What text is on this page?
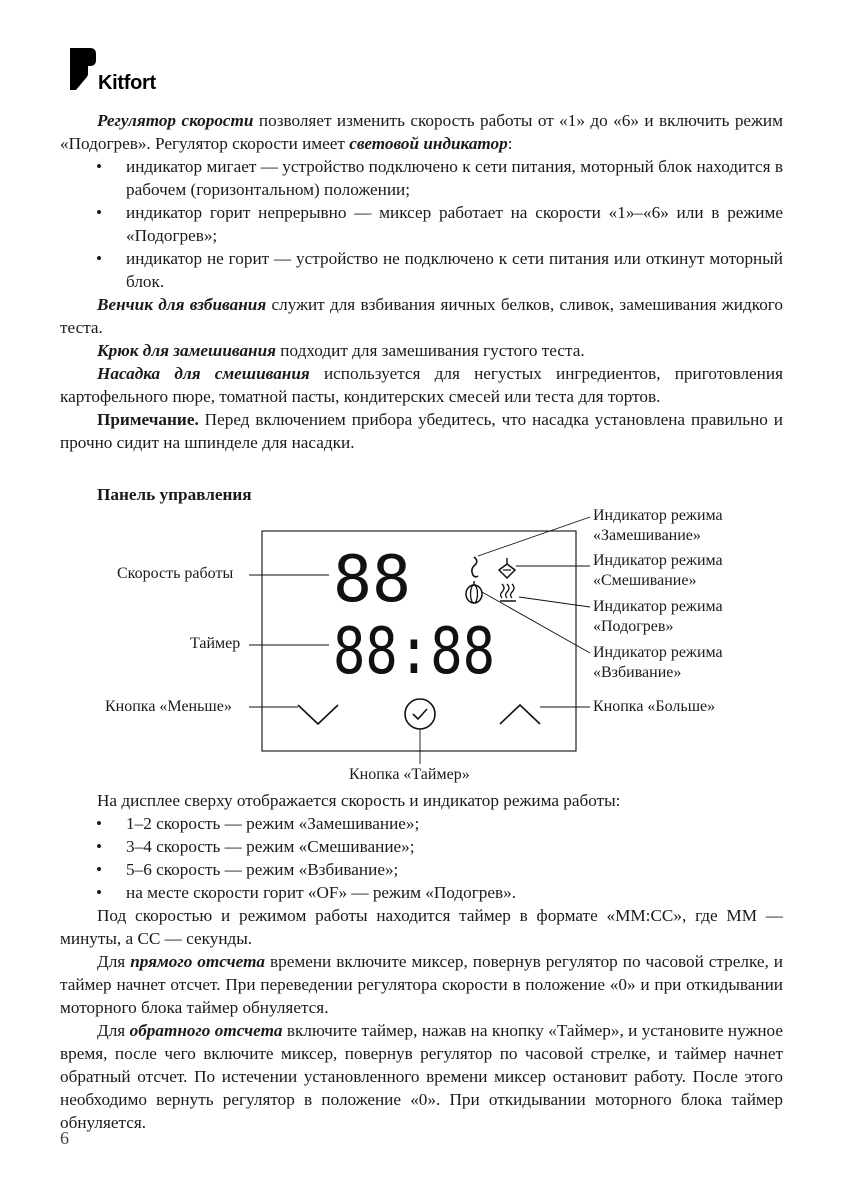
Kitfort

Регулятор скорости позволяет изменить скорость работы от «1» до «6» и включить режим «Подогрев». Регулятор скорости имеет световой индикатор:

• индикатор мигает — устройство подключено к сети питания, моторный блок находится в рабочем (горизонтальном) положении;
• индикатор горит непрерывно — миксер работает на скорости «1»–«6» или в режиме «Подогрев»;
• индикатор не горит — устройство не подключено к сети питания или откинут моторный блок.

Венчик для взбивания служит для взбивания яичных белков, сливок, замешивания жидкого теста.

Крюк для замешивания подходит для замешивания густого теста.

Насадка для смешивания используется для негустых ингредиентов, приготовления картофельного пюре, томатной пасты, кондитерских смесей или теста для тортов.

Примечание. Перед включением прибора убедитесь, что насадка установлена правильно и прочно сидит на шпинделе для насадки.

Панель управления
88
88:88
Скорость работы
Таймер
Кнопка «Меньше»	Кнопка «Больше»
Кнопка «Таймер»
Индикатор режима
«Замешивание»
Индикатор режима
«Смешивание»
Индикатор режима
«Подогрев»
Индикатор режима
«Взбивание»

На дисплее сверху отображается скорость и индикатор режима работы:

• 1–2 скорость — режим «Замешивание»;
• 3–4 скорость — режим «Смешивание»;
• 5–6 скорость — режим «Взбивание»;
• на месте скорости горит «OF» — режим «Подогрев».

Под скоростью и режимом работы находится таймер в формате «ММ:СС», где ММ — минуты, а СС — секунды.

Для прямого отсчета времени включите миксер, повернув регулятор по часовой стрелке, и таймер начнет отсчет. При переведении регулятора скорости в положение «0» и при откидывании моторного блока таймер обнуляется.

Для обратного отсчета включите таймер, нажав на кнопку «Таймер», и установите нужное время, после чего включите миксер, повернув регулятор по часовой стрелке, и таймер начнет обратный отсчет. По истечении установленного времени миксер остановит работу. После этого необходимо вернуть регулятор в положение «0». При откидывании моторного блока таймер обнуляется.

6
